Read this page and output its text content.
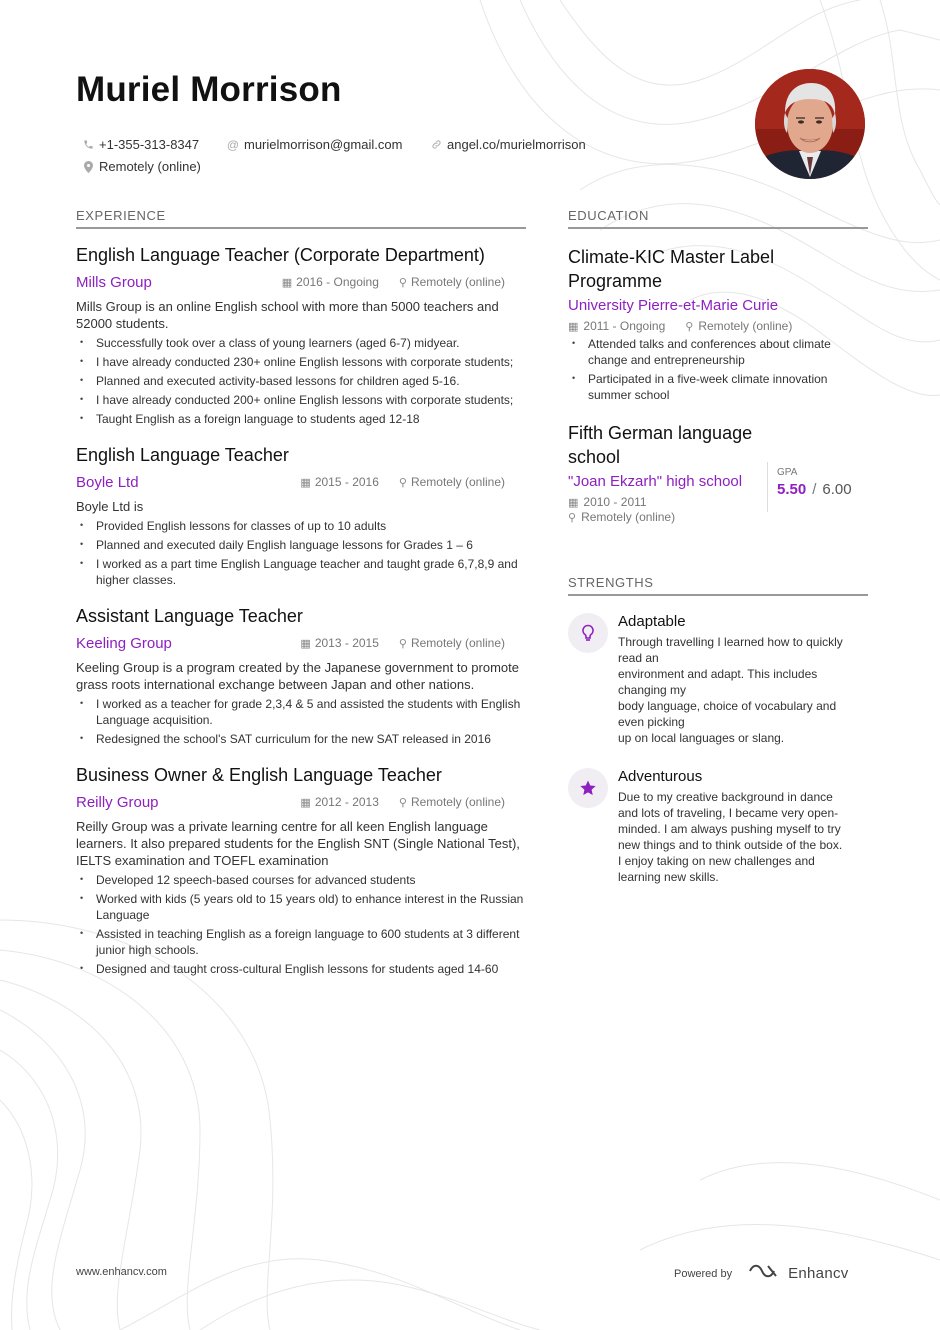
Muriel Morrison
+1-355-313-8347 @ murielmorrison@gmail.com	angel.co/murielmorrison
Remotely (online)
EXPERIENCE
English Language Teacher (Corporate Department)
Mills Group	▦ 2016 - Ongoing ⚲ Remotely (online)

Mills Group is an online English school with more than 5000 teachers and 52000 students.

• Successfully took over a class of young learners (aged 6-7) midyear.
• I have already conducted 230+ online English lessons with corporate students;
• Planned and executed activity-based lessons for children aged 5-16.
• I have already conducted 200+ online English lessons with corporate students;
• Taught English as a foreign language to students aged 12-18
English Language Teacher
Boyle Ltd	▦ 2015 - 2016 ⚲ Remotely (online)

Boyle Ltd is

• Provided English lessons for classes of up to 10 adults
• Planned and executed daily English language lessons for Grades 1 – 6
• I worked as a part time English Language teacher and taught grade 6,7,8,9 and higher classes.
Assistant Language Teacher
Keeling Group	▦ 2013 - 2015 ⚲ Remotely (online)

Keeling Group is a program created by the Japanese government to promote grass roots international exchange between Japan and other nations.

• I worked as a teacher for grade 2,3,4 & 5 and assisted the students with English Language acquisition.
• Redesigned the school's SAT curriculum for the new SAT released in 2016
Business Owner & English Language Teacher
Reilly Group	▦ 2012 - 2013 ⚲ Remotely (online)

Reilly Group was a private learning centre for all keen English language learners. It also prepared students for the English SNT (Single National Test), IELTS examination and TOEFL examination

• Developed 12 speech-based courses for advanced students
• Worked with kids (5 years old to 15 years old) to enhance interest in the Russian Language
• Assisted in teaching English as a foreign language to 600 students at 3 different junior high schools.
• Designed and taught cross-cultural English lessons for students aged 14-60
EDUCATION
Climate-KIC Master Label Programme
University Pierre-et-Marie Curie
▦ 2011 - Ongoing ⚲ Remotely (online)
• Attended talks and conferences about climate change and entrepreneurship
• Participated in a five-week climate innovation summer school
Fifth German language school
"Joan Ekzarh" high school
▦ 2010 - 2011
⚲ Remotely (online)
GPA
5.50 / 6.00
STRENGTHS
Adaptable
Through travelling I learned how to quickly
read an
environment and adapt. This includes
changing my
body language, choice of vocabulary and
even picking
up on local languages or slang.
Adventurous
Due to my creative background in dance
and lots of traveling, I became very open-
minded. I am always pushing myself to try
new things and to think outside of the box.
I enjoy taking on new challenges and
learning new skills.
www.enhancv.com	Powered by	Enhancv
